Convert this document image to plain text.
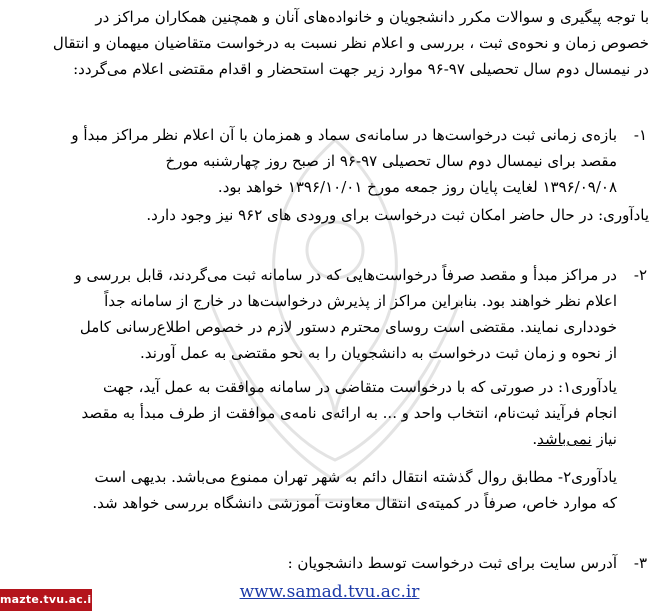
با توجه پیگیری و سوالات مکرر دانشجویان و خانواده‌های آنان و همچنین همکاران مراکز در
خصوص زمان و نحوه‌ی ثبت ، بررسی و اعلام نظر نسبت به درخواست متقاضیان میهمان و انتقال
در نیمسال دوم سال تحصیلی ۹۷-۹۶ موارد زیر جهت استحضار و اقدام مقتضی اعلام می‌گردد:
۱-
بازه‌ی زمانی ثبت درخواست‌ها در سامانه‌ی سماد و همزمان با آن اعلام نظر مراکز مبدأ و
مقصد برای نیمسال دوم سال تحصیلی ۹۷-۹۶ از صبح روز چهارشنبه مورخ
۱۳۹۶/۰۹/۰۸ لغایت پایان روز جمعه مورخ ۱۳۹۶/۱۰/۰۱ خواهد بود.
یادآوری: در حال حاضر امکان ثبت درخواست برای ورودی های ۹۶۲ نیز وجود دارد.
۲-
در مراکز مبدأ و مقصد صرفاً درخواست‌هایی که در سامانه ثبت می‌گردند، قابل بررسی و
اعلام نظر خواهند بود. بنابراین مراکز از پذیرش درخواست‌ها در خارج از سامانه جداً
خودداری نمایند. مقتضی است روسای محترم دستور لازم در خصوص اطلاع‌رسانی کامل
از نحوه و زمان ثبت درخواست به دانشجویان را به نحو مقتضی به عمل آورند.
یادآوری۱: در صورتی که با درخواست متقاضی در سامانه موافقت به عمل آید، جهت
انجام فرآیند ثبت‌نام، انتخاب واحد و ... به ارائه‌ی نامه‌ی موافقت از طرف مبدأ به مقصد
نیاز نمی‌باشد.
یادآوری۲- مطابق روال گذشته انتقال دائم به شهر تهران ممنوع می‌باشد. بدیهی است
که موارد خاص، صرفاً در کمیته‌ی انتقال معاونت آموزشی دانشگاه بررسی خواهد شد.
۳-
آدرس سایت برای ثبت درخواست توسط دانشجویان :
www.samad.tvu.ac.ir
mazte.tvu.ac.ir
